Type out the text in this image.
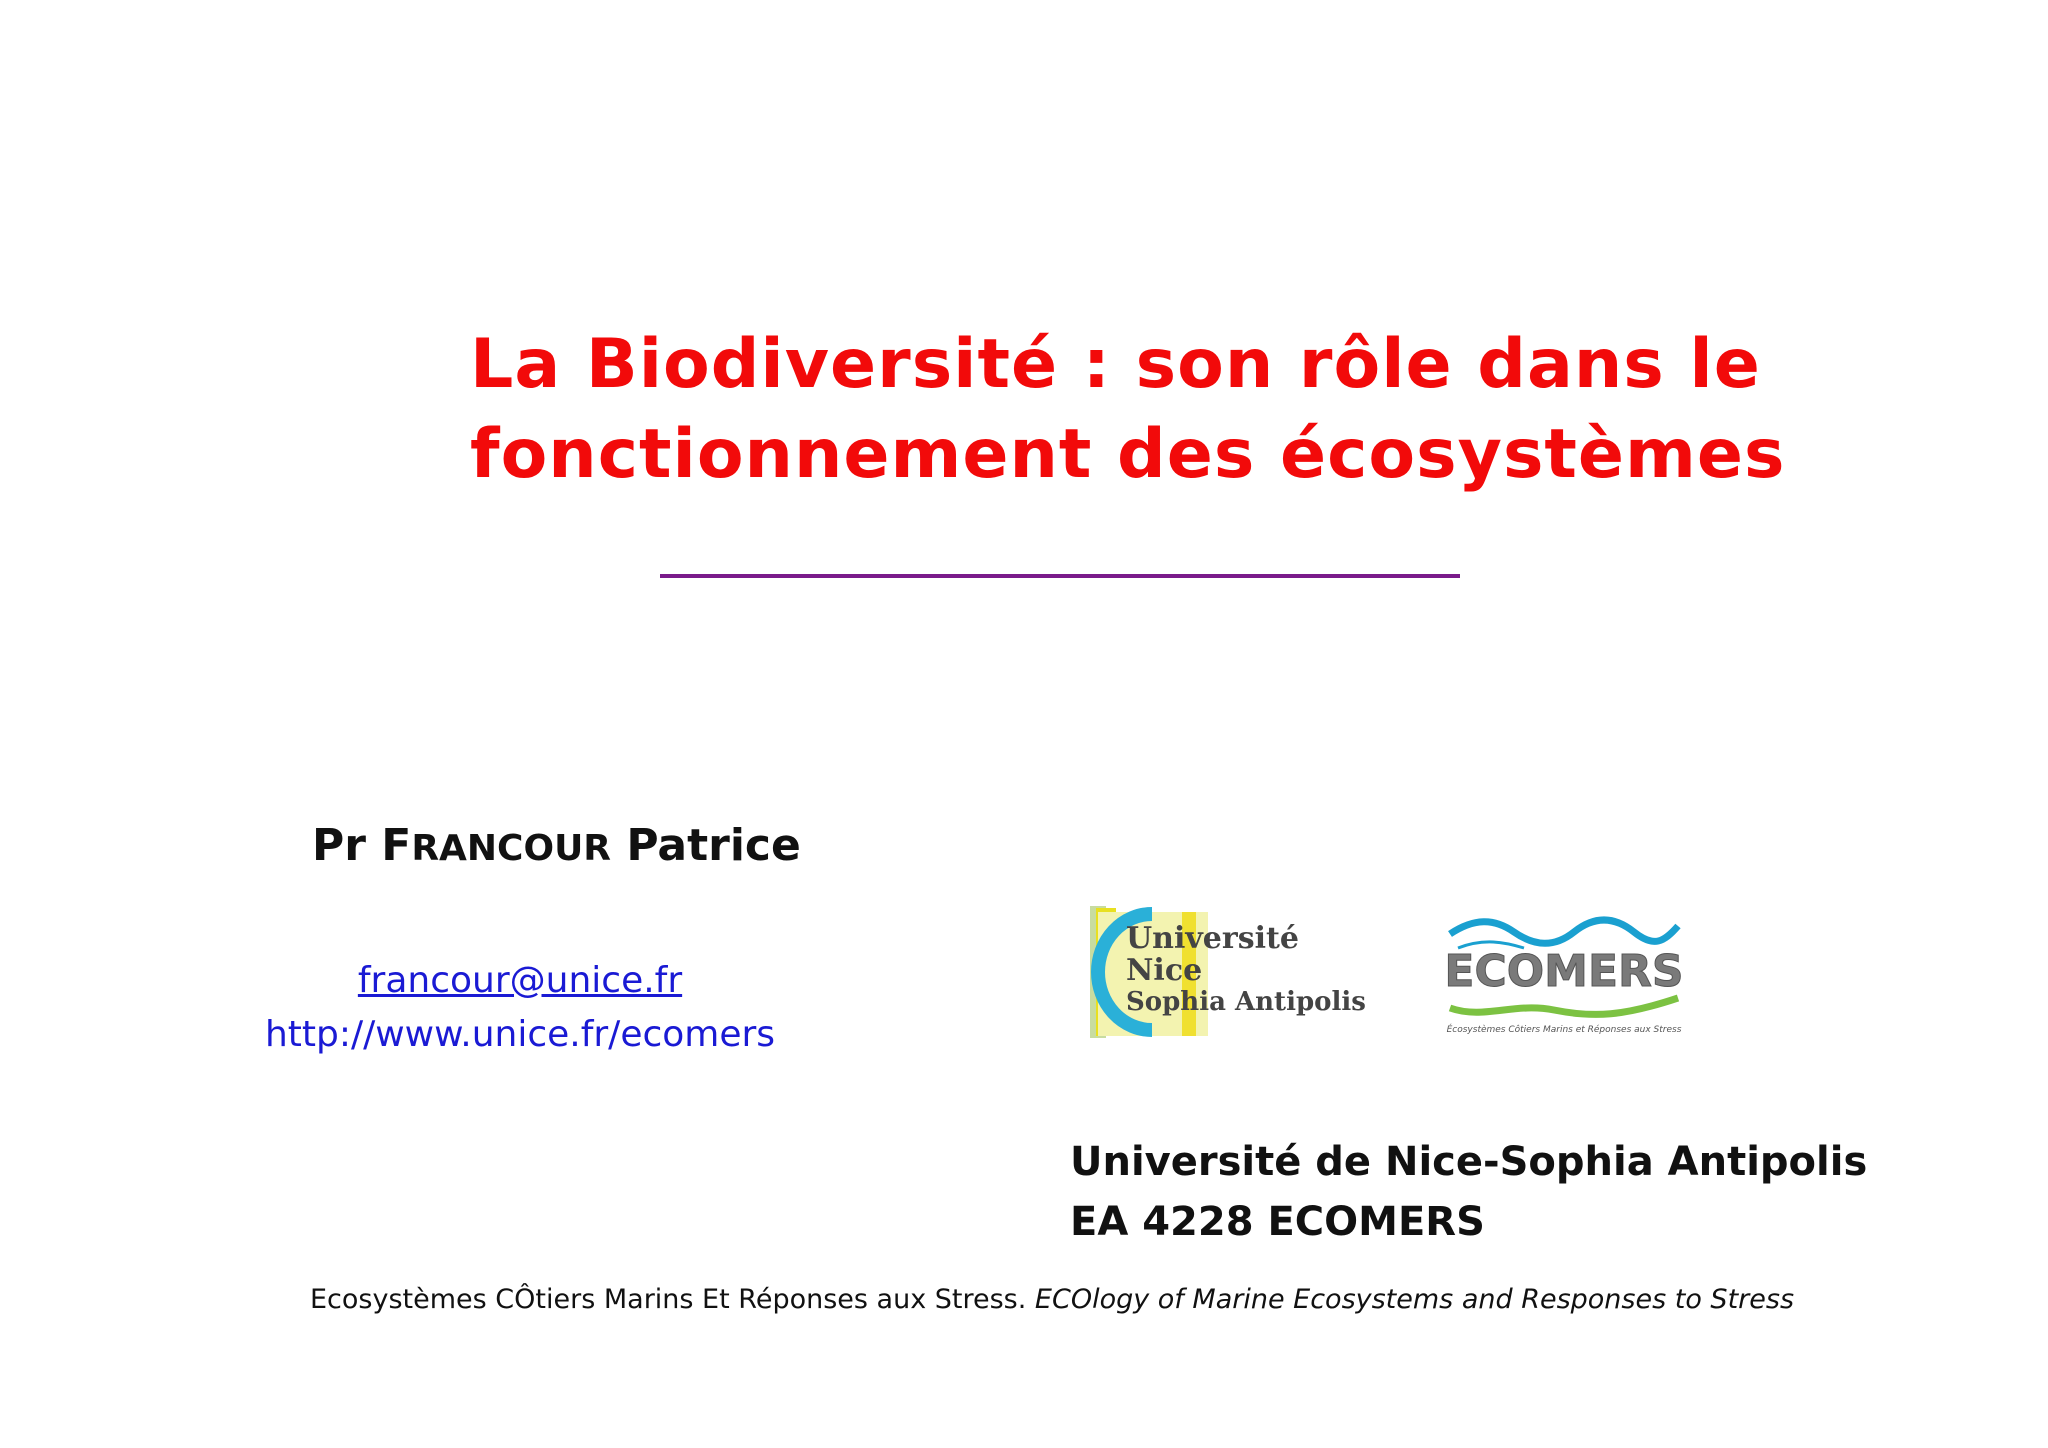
La Biodiversité : son rôle dans le
fonctionnement des écosystèmes
Pr FRANCOUR Patrice
francour@unice.fr
http://www.unice.fr/ecomers
Université
Nice
Sophia Antipolis
ECOMERS
Écosystèmes Côtiers Marins et Réponses aux Stress
Université de Nice-Sophia Antipolis
EA 4228 ECOMERS
Ecosystèmes CÔtiers Marins Et Réponses aux Stress. ECOlogy of Marine Ecosystems and Responses to Stress
